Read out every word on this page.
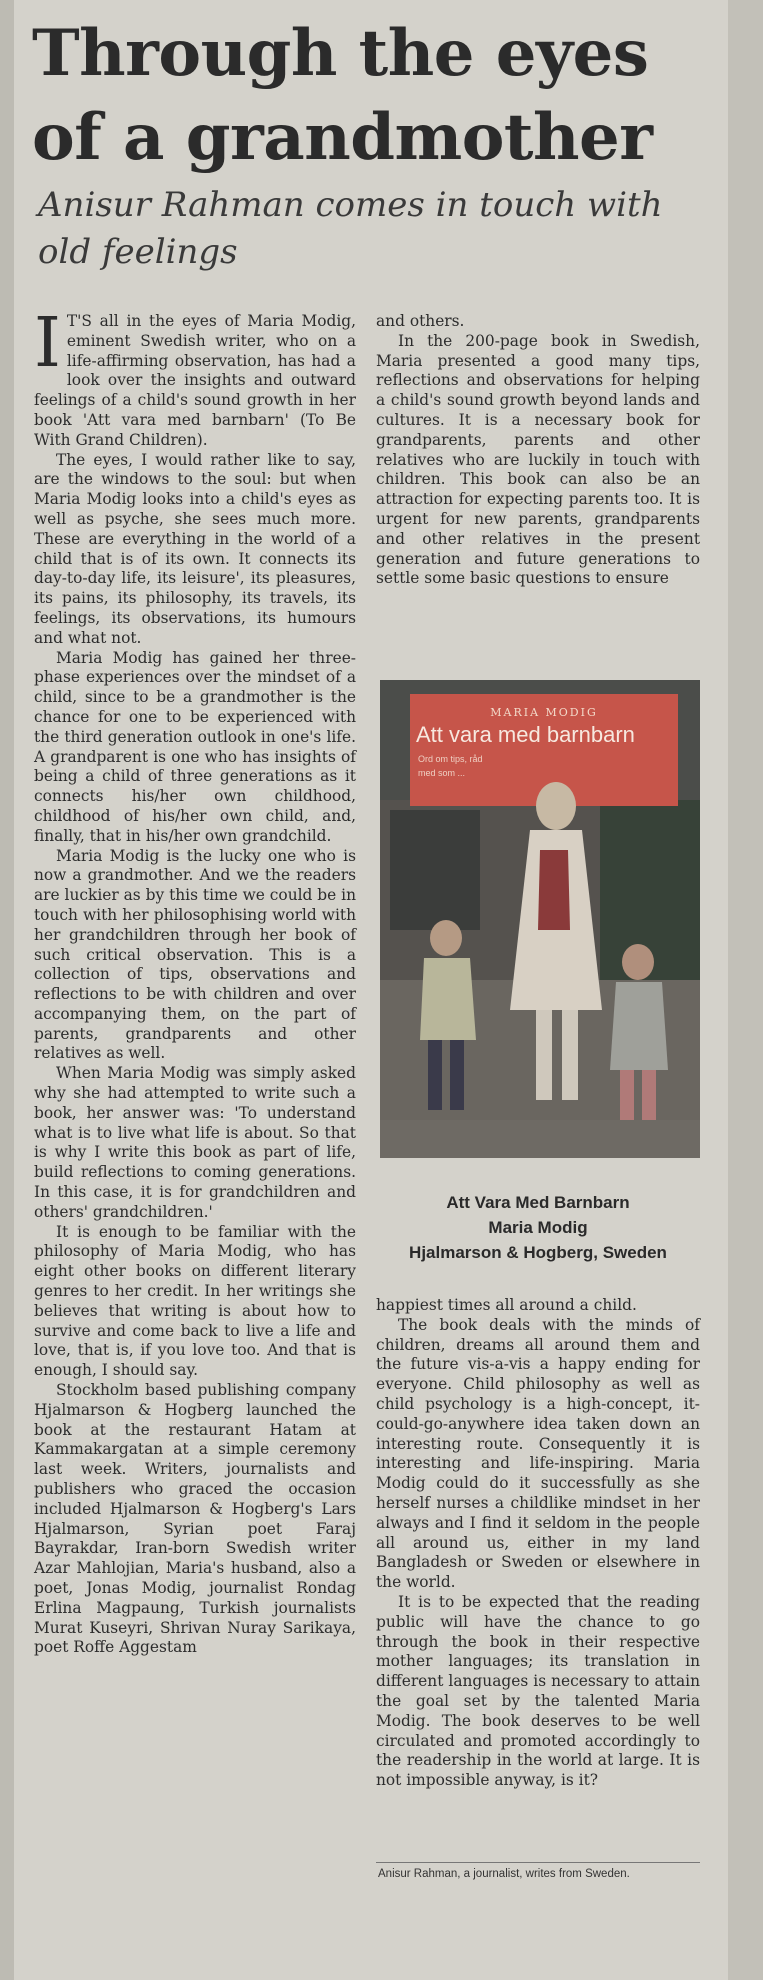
Through the eyes of a grandmother
Anisur Rahman comes in touch with old feelings

I T'S all in the eyes of Maria Modig, eminent Swedish writer, who on a life-affirming observation, has had a look over the insights and outward feelings of a child's sound growth in her book 'Att vara med barnbarn' (To Be With Grand Children).

The eyes, I would rather like to say, are the windows to the soul: but when Maria Modig looks into a child's eyes as well as psyche, she sees much more. These are everything in the world of a child that is of its own. It connects its day-to-day life, its leisure', its pleasures, its pains, its philosophy, its travels, its feelings, its observations, its humours and what not.

Maria Modig has gained her three-phase experiences over the mindset of a child, since to be a grandmother is the chance for one to be experienced with the third generation outlook in one's life. A grandparent is one who has insights of being a child of three generations as it connects his/her own childhood, childhood of his/her own child, and, finally, that in his/her own grandchild.

Maria Modig is the lucky one who is now a grandmother. And we the readers are luckier as by this time we could be in touch with her philosophising world with her grandchildren through her book of such critical observation. This is a collection of tips, observations and reflections to be with children and over accompanying them, on the part of parents, grandparents and other relatives as well.

When Maria Modig was simply asked why she had attempted to write such a book, her answer was: 'To understand what is to live what life is about. So that is why I write this book as part of life, build reflections to coming generations. In this case, it is for grandchildren and others' grandchildren.'

It is enough to be familiar with the philosophy of Maria Modig, who has eight other books on different literary genres to her credit. In her writings she believes that writing is about how to survive and come back to live a life and love, that is, if you love too. And that is enough, I should say.

Stockholm based publishing company Hjalmarson & Hogberg launched the book at the restaurant Hatam at Kammakargatan at a simple ceremony last week. Writers, journalists and publishers who graced the occasion included Hjalmarson & Hogberg's Lars Hjalmarson, Syrian poet Faraj Bayrakdar, Iran-born Swedish writer Azar Mahlojian, Maria's husband, also a poet, Jonas Modig, journalist Rondag Erlina Magpaung, Turkish journalists Murat Kuseyri, Shrivan Nuray Sarikaya, poet Roffe Aggestam

and others.

In the 200-page book in Swedish, Maria presented a good many tips, reflections and observations for helping a child's sound growth beyond lands and cultures. It is a necessary book for grandparents, parents and other relatives who are luckily in touch with children. This book can also be an attraction for expecting parents too. It is urgent for new parents, grandparents and other relatives in the present generation and future generations to settle some basic questions to ensure

MARIA MODIG
Att vara med barnbarn
Ord om tips, råd
med som ...
Att Vara Med Barnbarn
Maria Modig
Hjalmarson & Hogberg, Sweden

happiest times all around a child.

The book deals with the minds of children, dreams all around them and the future vis-a-vis a happy ending for everyone. Child philosophy as well as child psychology is a high-concept, it-could-go-anywhere idea taken down an interesting route. Consequently it is interesting and life-inspiring. Maria Modig could do it successfully as she herself nurses a childlike mindset in her always and I find it seldom in the people all around us, either in my land Bangladesh or Sweden or elsewhere in the world.

It is to be expected that the reading public will have the chance to go through the book in their respective mother languages; its translation in different languages is necessary to attain the goal set by the talented Maria Modig. The book deserves to be well circulated and promoted accordingly to the readership in the world at large. It is not impossible anyway, is it?

Anisur Rahman, a journalist, writes from Sweden.
